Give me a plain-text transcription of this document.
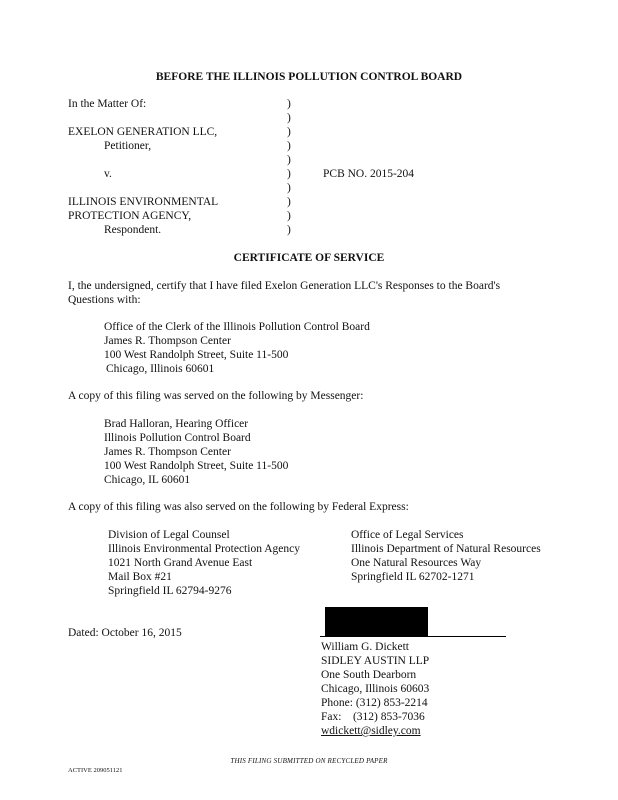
BEFORE THE ILLINOIS POLLUTION CONTROL BOARD
In the Matter Of:
EXELON GENERATION LLC,
Petitioner,
v.
ILLINOIS ENVIRONMENTAL
PROTECTION AGENCY,
Respondent.
)
)
)
)
)
)
)
)
)
)
PCB NO. 2015-204
CERTIFICATE OF SERVICE
I, the undersigned, certify that I have filed Exelon Generation LLC's Responses to the Board's
Questions with:
Office of the Clerk of the Illinois Pollution Control Board
James R. Thompson Center
100 West Randolph Street, Suite 11-500
Chicago, Illinois 60601
A copy of this filing was served on the following by Messenger:
Brad Halloran, Hearing Officer
Illinois Pollution Control Board
James R. Thompson Center
100 West Randolph Street, Suite 11-500
Chicago, IL 60601
A copy of this filing was also served on the following by Federal Express:
Division of Legal Counsel
Illinois Environmental Protection Agency
1021 North Grand Avenue East
Mail Box #21
Springfield IL 62794-9276
Office of Legal Services
Illinois Department of Natural Resources
One Natural Resources Way
Springfield IL 62702-1271
Dated: October 16, 2015
William G. Dickett
SIDLEY AUSTIN LLP
One South Dearborn
Chicago, Illinois 60603
Phone: (312) 853-2214
Fax:    (312) 853-7036
wdickett@sidley.com
THIS FILING SUBMITTED ON RECYCLED PAPER
ACTIVE 209051121
